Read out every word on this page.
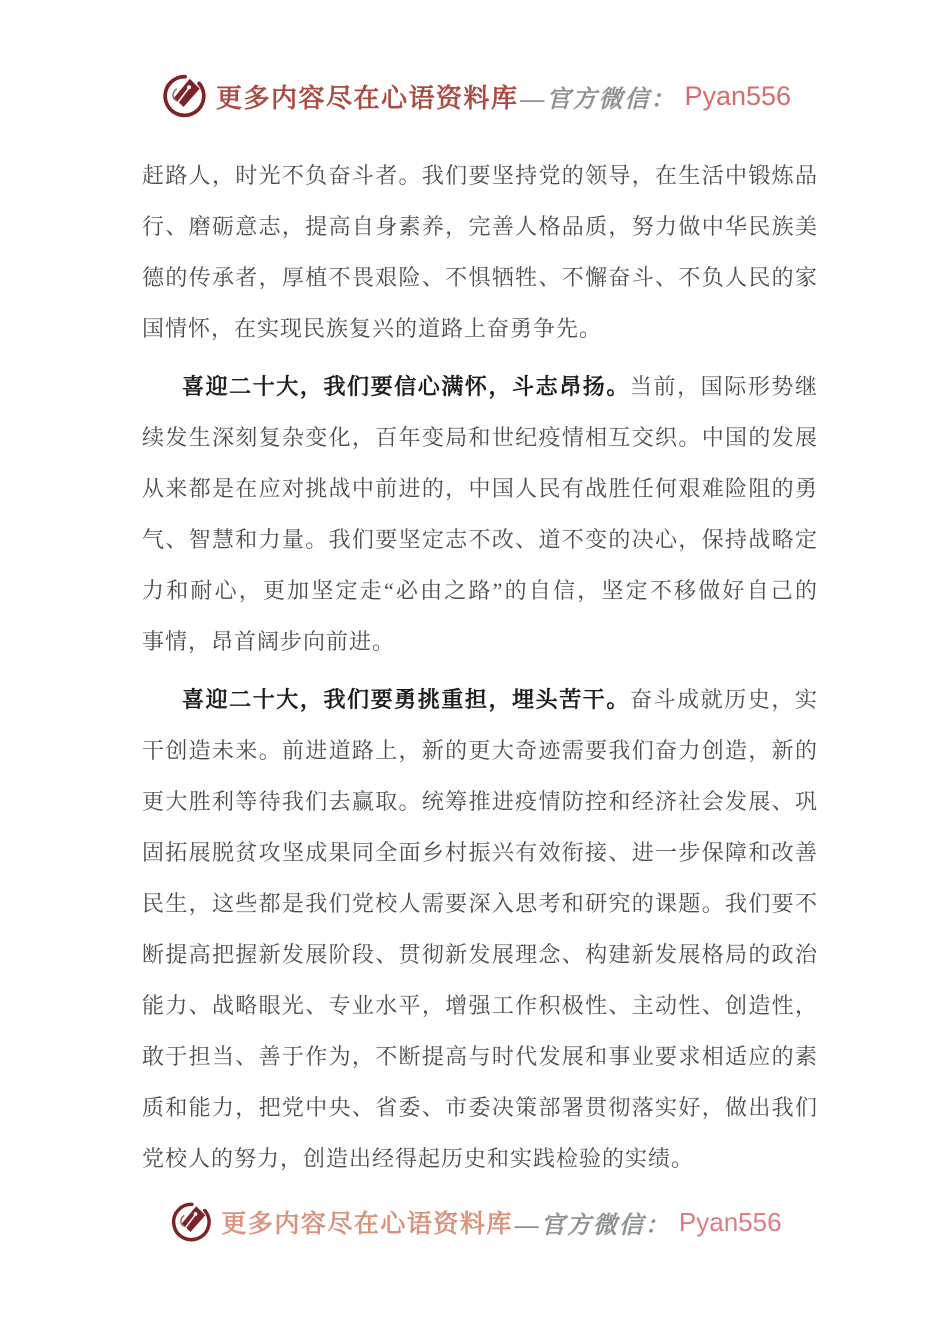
更多内容尽在心语资料库 —官方微信： Pyan556
赶路人，时光不负奋斗者。我们要坚持党的领导，在生活中锻炼品
行、磨砺意志，提高自身素养，完善人格品质，努力做中华民族美
德的传承者，厚植不畏艰险、不惧牺牲、不懈奋斗、不负人民的家
国情怀，在实现民族复兴的道路上奋勇争先。
喜迎二十大，我们要信心满怀，斗志昂扬。当前，国际形势继
续发生深刻复杂变化，百年变局和世纪疫情相互交织。中国的发展
从来都是在应对挑战中前进的，中国人民有战胜任何艰难险阻的勇
气、智慧和力量。我们要坚定志不改、道不变的决心，保持战略定
力和耐心，更加坚定走“必由之路”的自信，坚定不移做好自己的
事情，昂首阔步向前进。
喜迎二十大，我们要勇挑重担，埋头苦干。奋斗成就历史，实
干创造未来。前进道路上，新的更大奇迹需要我们奋力创造，新的
更大胜利等待我们去赢取。统筹推进疫情防控和经济社会发展、巩
固拓展脱贫攻坚成果同全面乡村振兴有效衔接、进一步保障和改善
民生，这些都是我们党校人需要深入思考和研究的课题。我们要不
断提高把握新发展阶段、贯彻新发展理念、构建新发展格局的政治
能力、战略眼光、专业水平，增强工作积极性、主动性、创造性，
敢于担当、善于作为，不断提高与时代发展和事业要求相适应的素
质和能力，把党中央、省委、市委决策部署贯彻落实好，做出我们
党校人的努力，创造出经得起历史和实践检验的实绩。
更多内容尽在心语资料库 —官方微信： Pyan556
